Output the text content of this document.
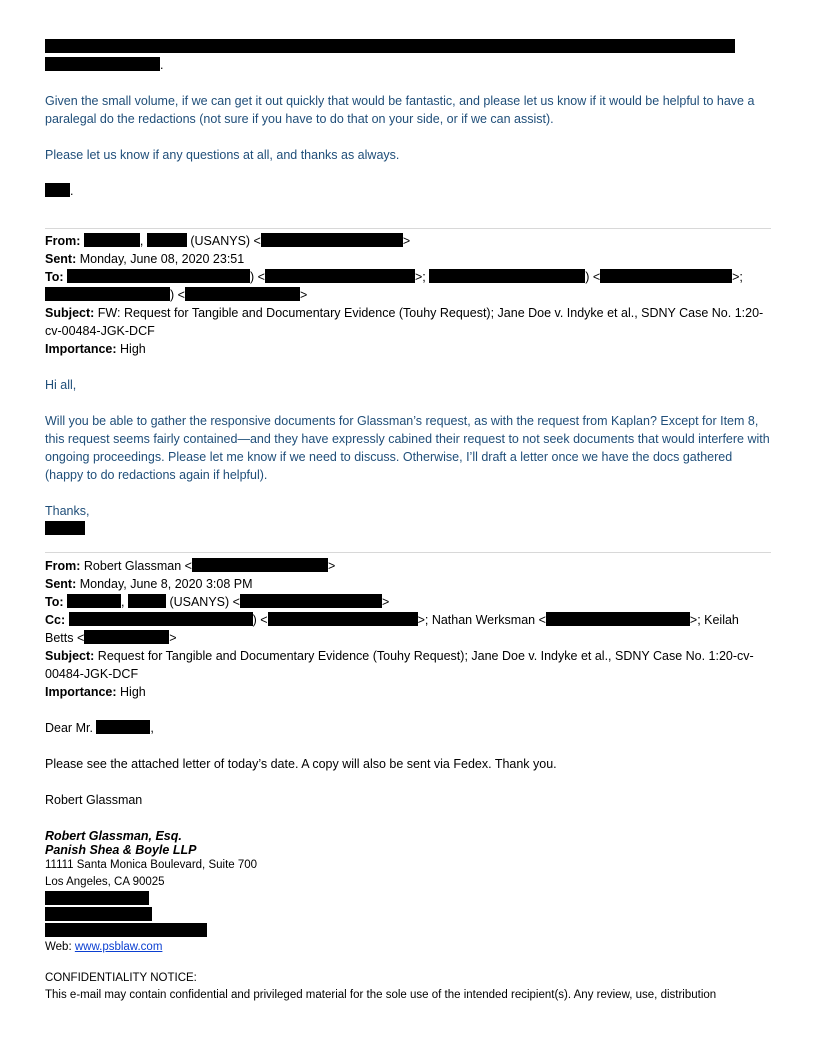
.
Given the small volume, if we can get it out quickly that would be fantastic, and please let us know if it would be helpful to have a paralegal do the redactions (not sure if you have to do that on your side, or if we can assist).
Please let us know if any questions at all, and thanks as always.
.
From:	,	(USANYS) <	>
Sent: Monday, June 08, 2020 23:51
To:	) <	>;	) <	>;
) <	>
Subject: FW: Request for Tangible and Documentary Evidence (Touhy Request); Jane Doe v. Indyke et al., SDNY Case No. 1:20-cv-00484-JGK-DCF
Importance: High
Hi all,
Will you be able to gather the responsive documents for Glassman’s request, as with the request from Kaplan? Except for Item 8, this request seems fairly contained—and they have expressly cabined their request to not seek documents that would interfere with ongoing proceedings. Please let me know if we need to discuss. Otherwise, I’ll draft a letter once we have the docs gathered (happy to do redactions again if helpful).
Thanks,
From: Robert Glassman <	>
Sent: Monday, June 8, 2020 3:08 PM
To:	,	(USANYS) <	>
Cc:	) <	>; Nathan Werksman <	>; Keilah
Betts <	>
Subject: Request for Tangible and Documentary Evidence (Touhy Request); Jane Doe v. Indyke et al., SDNY Case No. 1:20-cv-00484-JGK-DCF
Importance: High
Dear Mr.	,
Please see the attached letter of today’s date. A copy will also be sent via Fedex. Thank you.
Robert Glassman
Robert Glassman, Esq.
Panish Shea & Boyle LLP
11111 Santa Monica Boulevard, Suite 700
Los Angeles, CA 90025
Web: www.psblaw.com
CONFIDENTIALITY NOTICE:
This e-mail may contain confidential and privileged material for the sole use of the intended recipient(s). Any review, use, distribution
